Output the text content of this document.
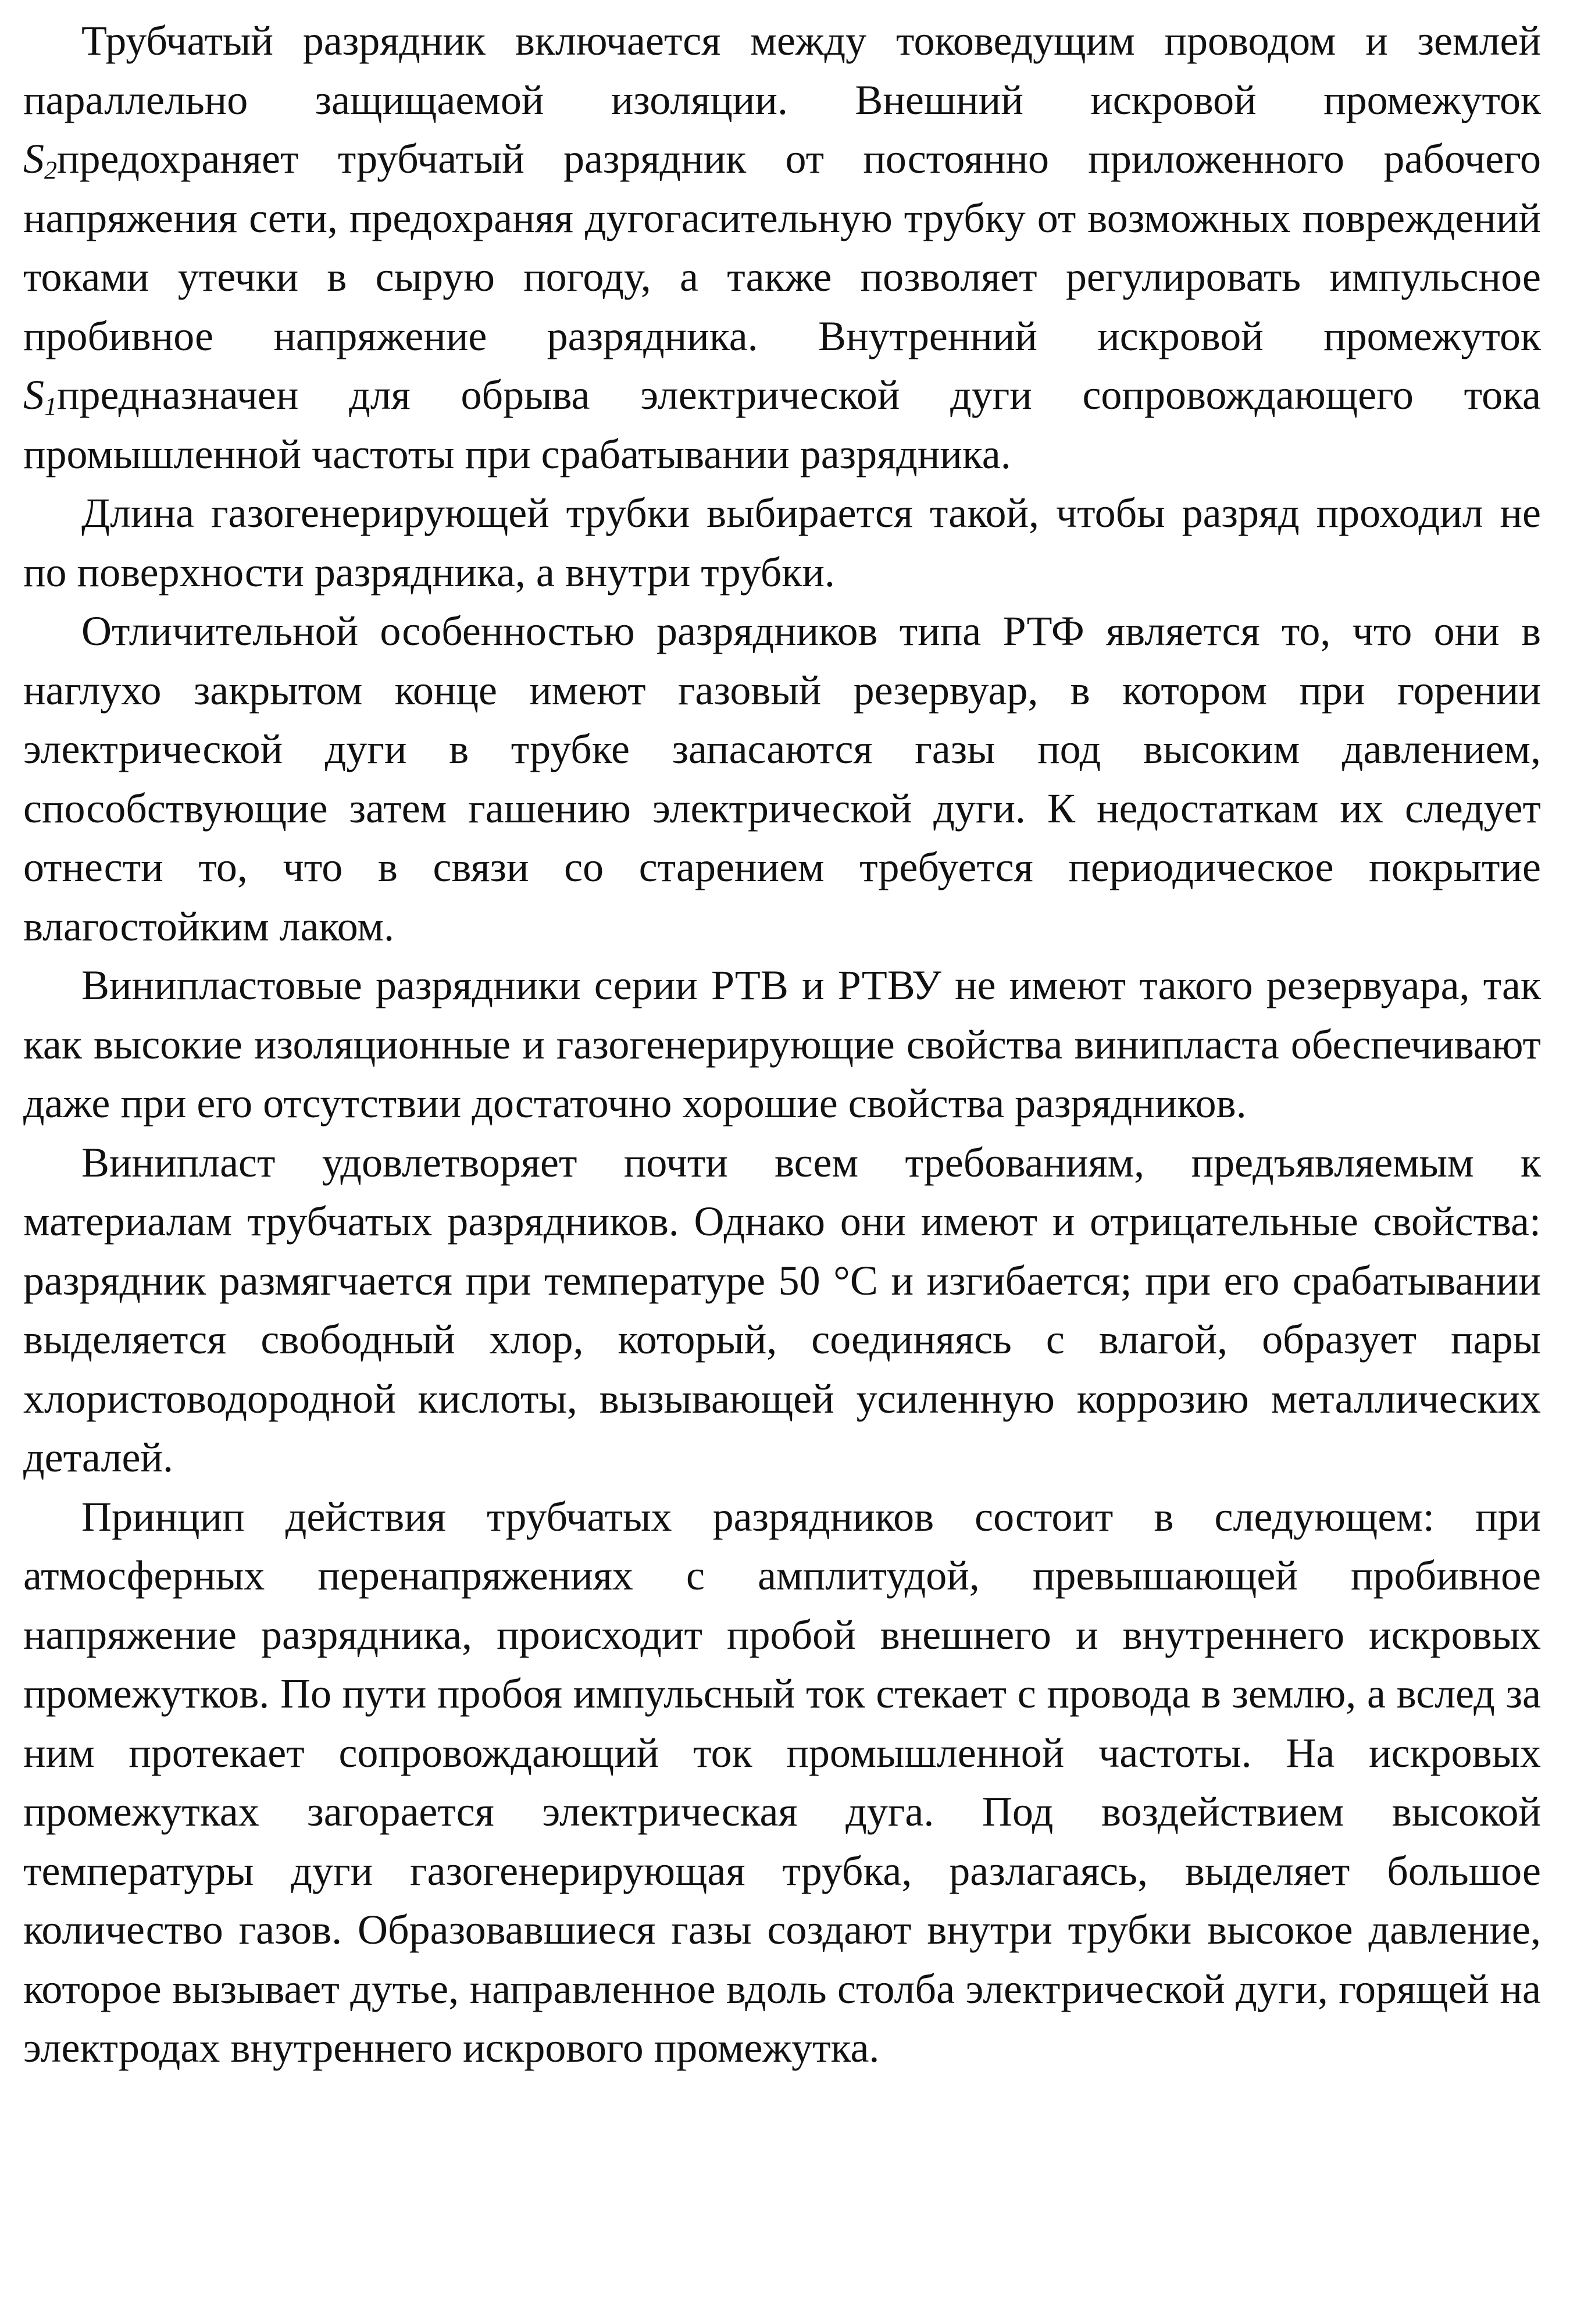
Трубчатый разрядник включается между токоведущим проводом и землей параллельно защищаемой изоляции. Внешний искровой промежуток $S_2предохраняет$ трубчатый разрядник от постоянно приложенного рабочего напряжения сети, предохраняя дугогасительную трубку от возможных повреждений токами утечки в сырую погоду, а также позволяет регулировать импульсное пробивное напряжение разрядника. Внутренний искровой промежуток $S_1предназначен$ для обрыва электрической дуги сопровождающего тока промышленной частоты при срабатывании разрядника.

Длина газогенерирующей трубки выбирается такой, чтобы разряд проходил не по поверхности разрядника, а внутри трубки.

Отличительной особенностью разрядников типа РТФ является то, что они в наглухо закрытом конце имеют газовый резервуар, в котором при горении электрической дуги в трубке запасаются газы под высоким давлением, способствующие затем гашению электрической дуги. К недостаткам их следует отнести то, что в связи со старением требуется периодическое покрытие влагостойким лаком.

Винипластовые разрядники серии РТВ и РТВУ не имеют такого резервуара, так как высокие изоляционные и газогенерирующие свойства винипласта обеспечивают даже при его отсутствии достаточно хорошие свойства разрядников.

Винипласт удовлетворяет почти всем требованиям, предъявляемым к материалам трубчатых разрядников. Однако они имеют и отрицательные свойства: разрядник размягчается при температуре 50 °С и изгибается; при его срабатывании выделяется свободный хлор, который, соединяясь с влагой, образует пары хлористоводородной кислоты, вызывающей усиленную коррозию металлических деталей.

Принцип действия трубчатых разрядников состоит в следующем: при атмосферных перенапряжениях с амплитудой, превышающей пробивное напряжение разрядника, происходит пробой внешнего и внутреннего искровых промежутков. По пути пробоя импульсный ток стекает с провода в землю, а вслед за ним протекает сопровождающий ток промышленной частоты. На искровых промежутках загорается электрическая дуга. Под воздействием высокой температуры дуги газогенерирующая трубка, разлагаясь, выделяет большое количество газов. Образовавшиеся газы создают внутри трубки высокое давление, которое вызывает дутье, направленное вдоль столба электрической дуги, горящей на электродах внутреннего искрового промежутка.
